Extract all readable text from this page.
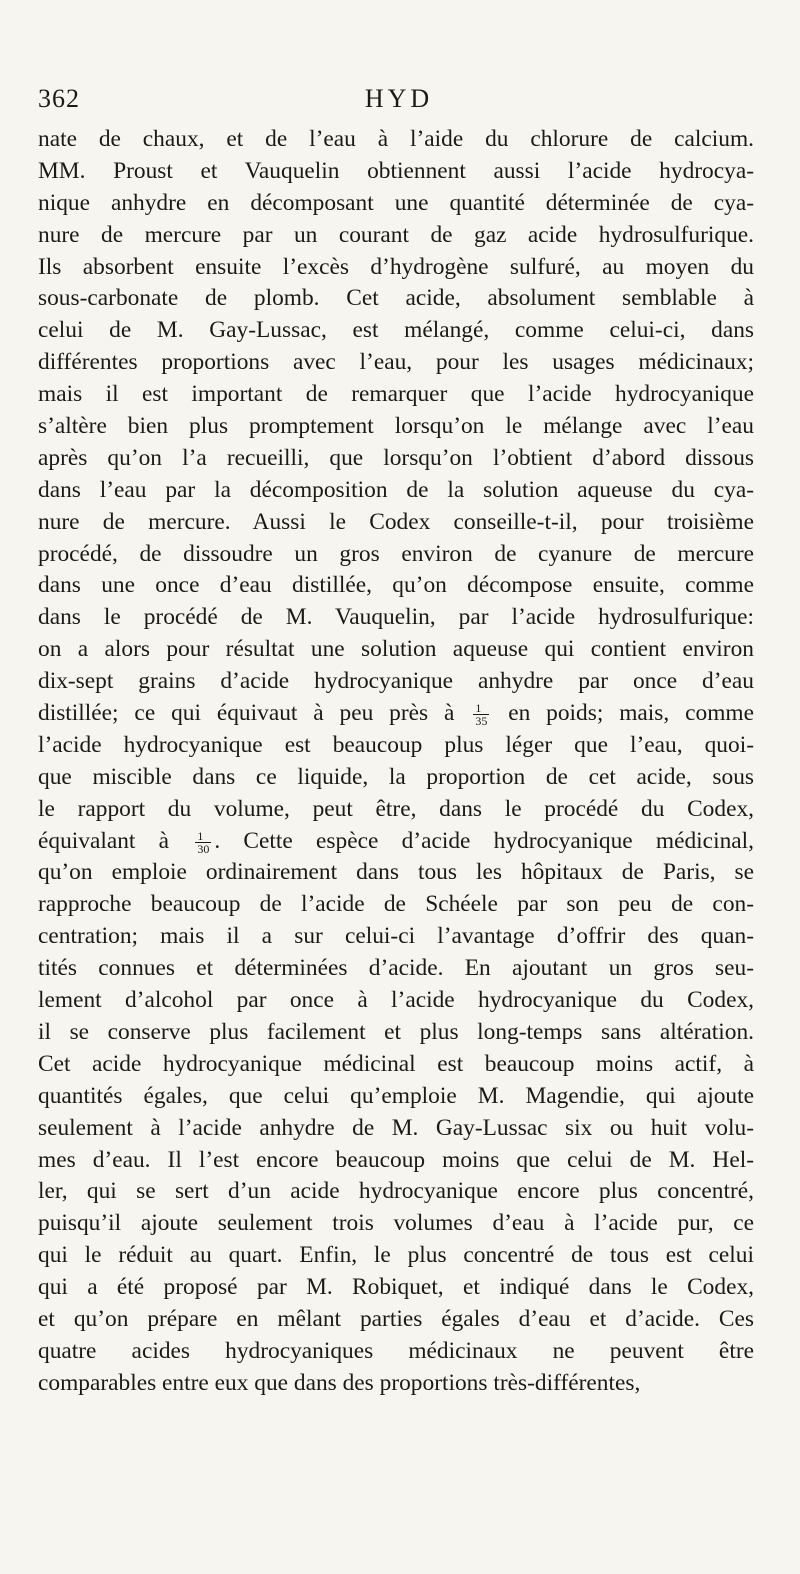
362	HYD
nate de chaux, et de l’eau à l’aide du chlorure de calcium.
MM. Proust et Vauquelin obtiennent aussi l’acide hydrocya-
nique anhydre en décomposant une quantité déterminée de cya-
nure de mercure par un courant de gaz acide hydrosulfurique.
Ils absorbent ensuite l’excès d’hydrogène sulfuré, au moyen du
sous-carbonate de plomb. Cet acide, absolument semblable à
celui de M. Gay-Lussac, est mélangé, comme celui-ci, dans
différentes proportions avec l’eau, pour les usages médicinaux;
mais il est important de remarquer que l’acide hydrocyanique
s’altère bien plus promptement lorsqu’on le mélange avec l’eau
après qu’on l’a recueilli, que lorsqu’on l’obtient d’abord dissous
dans l’eau par la décomposition de la solution aqueuse du cya-
nure de mercure. Aussi le Codex conseille-t-il, pour troisième
procédé, de dissoudre un gros environ de cyanure de mercure
dans une once d’eau distillée, qu’on décompose ensuite, comme
dans le procédé de M. Vauquelin, par l’acide hydrosulfurique:
on a alors pour résultat une solution aqueuse qui contient environ
dix-sept grains d’acide hydrocyanique anhydre par once d’eau
distillée; ce qui équivaut à peu près à $\frac{1}{35}$ en poids; mais, comme
l’acide hydrocyanique est beaucoup plus léger que l’eau, quoi-
que miscible dans ce liquide, la proportion de cet acide, sous
le rapport du volume, peut être, dans le procédé du Codex,
équivalant à $\frac{1}{30}$ . Cette espèce d’acide hydrocyanique médicinal,
qu’on emploie ordinairement dans tous les hôpitaux de Paris, se
rapproche beaucoup de l’acide de Schéele par son peu de con-
centration; mais il a sur celui-ci l’avantage d’offrir des quan-
tités connues et déterminées d’acide. En ajoutant un gros seu-
lement d’alcohol par once à l’acide hydrocyanique du Codex,
il se conserve plus facilement et plus long-temps sans altération.
Cet acide hydrocyanique médicinal est beaucoup moins actif, à
quantités égales, que celui qu’emploie M. Magendie, qui ajoute
seulement à l’acide anhydre de M. Gay-Lussac six ou huit volu-
mes d’eau. Il l’est encore beaucoup moins que celui de M. Hel-
ler, qui se sert d’un acide hydrocyanique encore plus concentré,
puisqu’il ajoute seulement trois volumes d’eau à l’acide pur, ce
qui le réduit au quart. Enfin, le plus concentré de tous est celui
qui a été proposé par M. Robiquet, et indiqué dans le Codex,
et qu’on prépare en mêlant parties égales d’eau et d’acide. Ces
quatre acides hydrocyaniques médicinaux ne peuvent être
comparables entre eux que dans des proportions très-différentes,
